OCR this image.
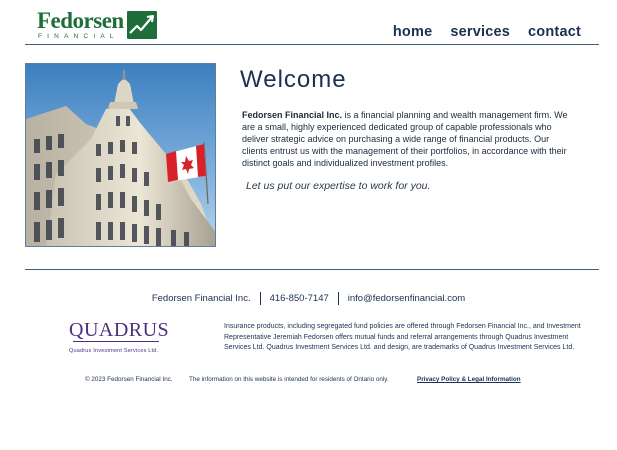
Fedorsen
FINANCIAL	home services contact
Welcome

Fedorsen Financial Inc. is a financial planning and wealth management firm. We are a small, highly experienced dedicated group of capable professionals who deliver strategic advice on purchasing a wide range of financial products. Our clients entrust us with the management of their portfolios, in accordance with their distinct goals and individualized investment profiles.

Let us put our expertise to work for you.

Fedorsen Financial Inc.	416-850-7147	info@fedorsenfinancial.com
QUADRUS
Quadrus Investment Services Ltd.

Insurance products, including segregated fund policies are offered through Fedorsen Financial Inc., and Investment Representative Jeremiah Fedorsen offers mutual funds and referral arrangements through Quadrus Investment Services Ltd. Quadrus Investment Services Ltd. and design, are trademarks of Quadrus Investment Services Ltd.

© 2023 Fedorsen Financial Inc.	The information on this website is intended for residents of Ontario only.	Privacy Policy & Legal Information
